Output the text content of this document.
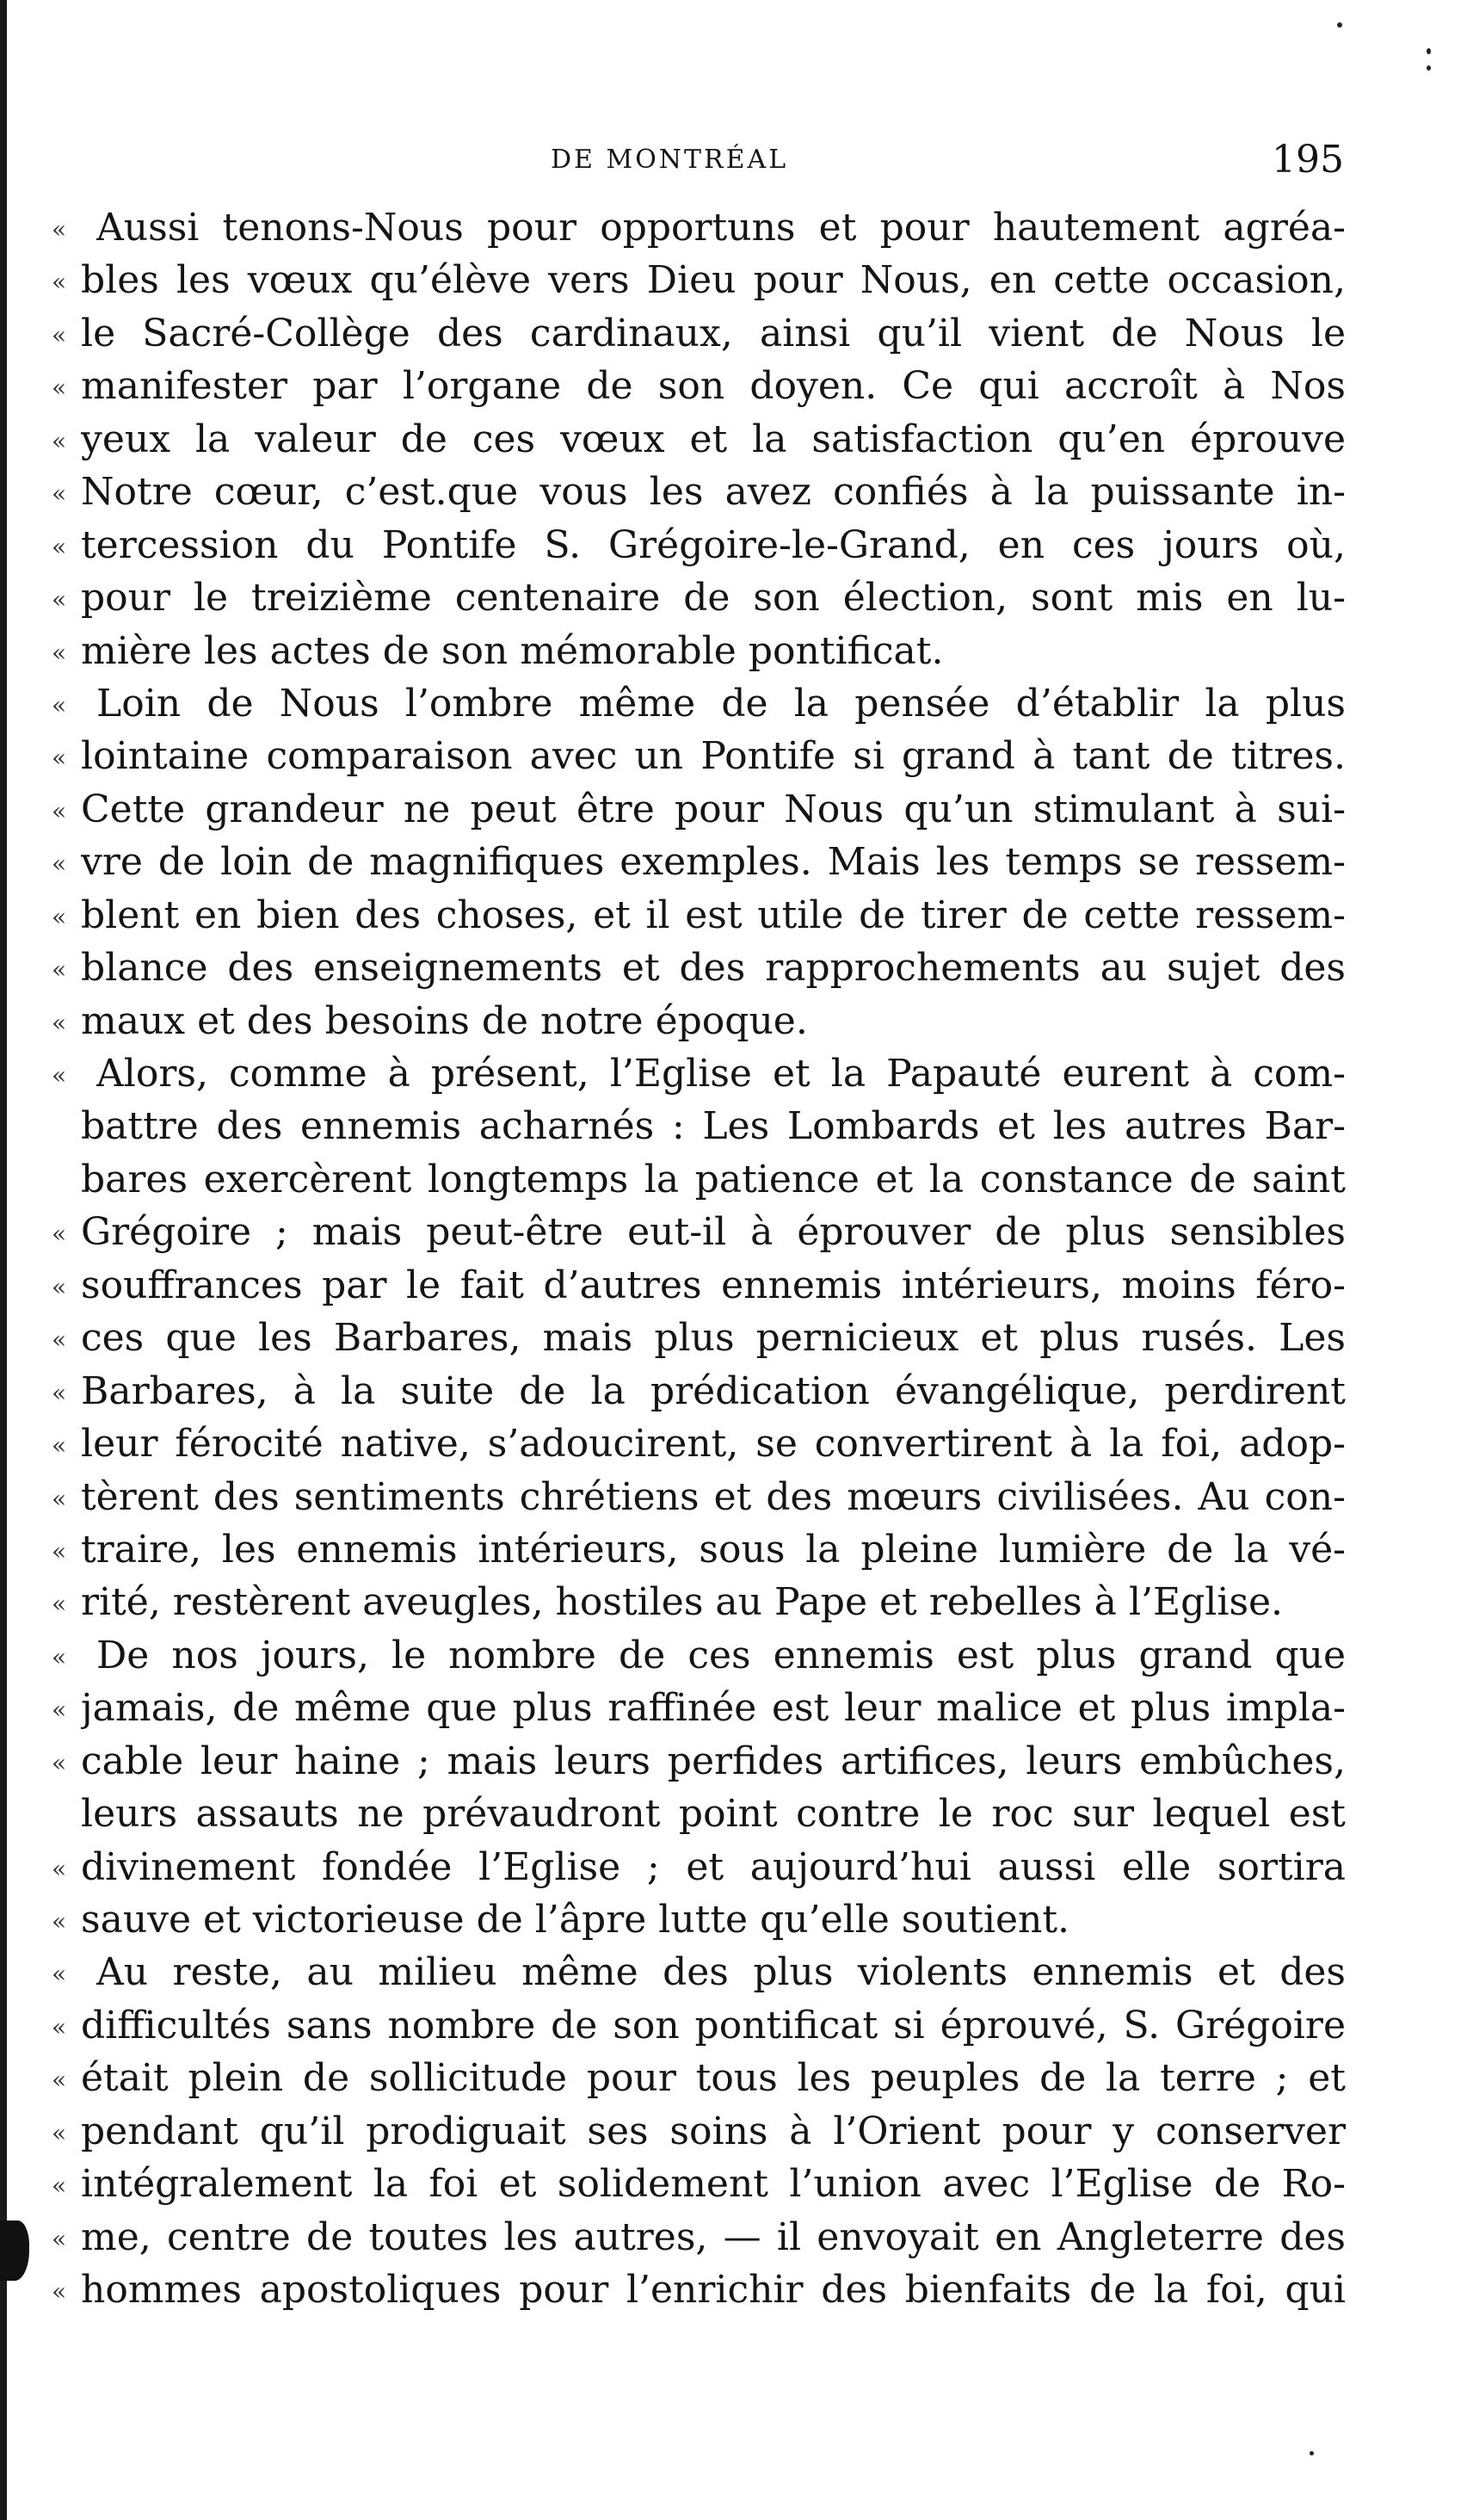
DE MONTRÉAL	195
« Aussi tenons-Nous pour opportuns et pour hautement agréa-
« bles les vœux qu’élève vers Dieu pour Nous, en cette occasion,
« le Sacré-Collège des cardinaux, ainsi qu’il vient de Nous le
« manifester par l’organe de son doyen. Ce qui accroît à Nos
« yeux la valeur de ces vœux et la satisfaction qu’en éprouve
« Notre cœur, c’est.que vous les avez confiés à la puissante in-
« tercession du Pontife S. Grégoire-le-Grand, en ces jours où,
« pour le treizième centenaire de son élection, sont mis en lu-
« mière les actes de son mémorable pontificat.
« Loin de Nous l’ombre même de la pensée d’établir la plus
« lointaine comparaison avec un Pontife si grand à tant de titres.
« Cette grandeur ne peut être pour Nous qu’un stimulant à sui-
« vre de loin de magnifiques exemples. Mais les temps se ressem-
« blent en bien des choses, et il est utile de tirer de cette ressem-
« blance des enseignements et des rapprochements au sujet des
« maux et des besoins de notre époque.
« Alors, comme à présent, l’Eglise et la Papauté eurent à com-
battre des ennemis acharnés : Les Lombards et les autres Bar-
bares exercèrent longtemps la patience et la constance de saint
« Grégoire ; mais peut-être eut-il à éprouver de plus sensibles
« souffrances par le fait d’autres ennemis intérieurs, moins féro-
« ces que les Barbares, mais plus pernicieux et plus rusés. Les
« Barbares, à la suite de la prédication évangélique, perdirent
« leur férocité native, s’adoucirent, se convertirent à la foi, adop-
« tèrent des sentiments chrétiens et des mœurs civilisées. Au con-
« traire, les ennemis intérieurs, sous la pleine lumière de la vé-
« rité, restèrent aveugles, hostiles au Pape et rebelles à l’Eglise.
« De nos jours, le nombre de ces ennemis est plus grand que
« jamais, de même que plus raffinée est leur malice et plus impla-
« cable leur haine ; mais leurs perfides artifices, leurs embûches,
leurs assauts ne prévaudront point contre le roc sur lequel est
« divinement fondée l’Eglise ; et aujourd’hui aussi elle sortira
« sauve et victorieuse de l’âpre lutte qu’elle soutient.
« Au reste, au milieu même des plus violents ennemis et des
« difficultés sans nombre de son pontificat si éprouvé, S. Grégoire
« était plein de sollicitude pour tous les peuples de la terre ; et
« pendant qu’il prodiguait ses soins à l’Orient pour y conserver
« intégralement la foi et solidement l’union avec l’Eglise de Ro-
« me, centre de toutes les autres, — il envoyait en Angleterre des
« hommes apostoliques pour l’enrichir des bienfaits de la foi, qui
